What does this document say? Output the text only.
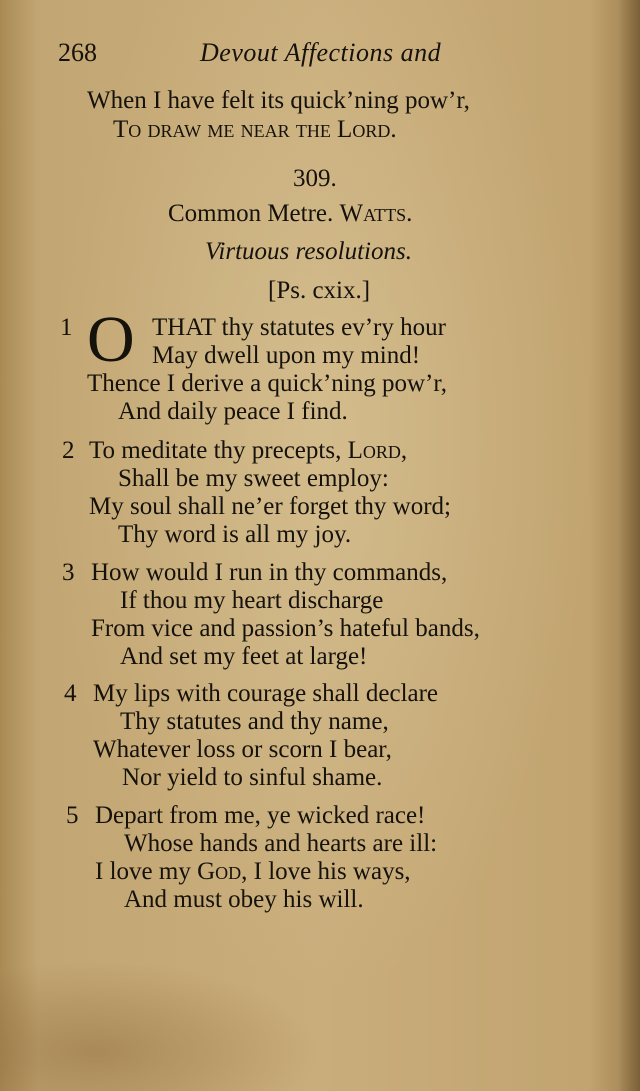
268	Devout Affections and
When I have felt its quick’ning pow’r,
To draw me near the Lord.
309.
Common Metre. Watts.
Virtuous resolutions.
[Ps. cxix.]
1 O THAT thy statutes ev’ry hour
May dwell upon my mind!
Thence I derive a quick’ning pow’r,
And daily peace I find.
2 To meditate thy precepts, Lord,
Shall be my sweet employ:
My soul shall ne’er forget thy word;
Thy word is all my joy.
3 How would I run in thy commands,
If thou my heart discharge
From vice and passion’s hateful bands,
And set my feet at large!
4 My lips with courage shall declare
Thy statutes and thy name,
Whatever loss or scorn I bear,
Nor yield to sinful shame.
5 Depart from me, ye wicked race!
Whose hands and hearts are ill:
I love my God, I love his ways,
And must obey his will.
